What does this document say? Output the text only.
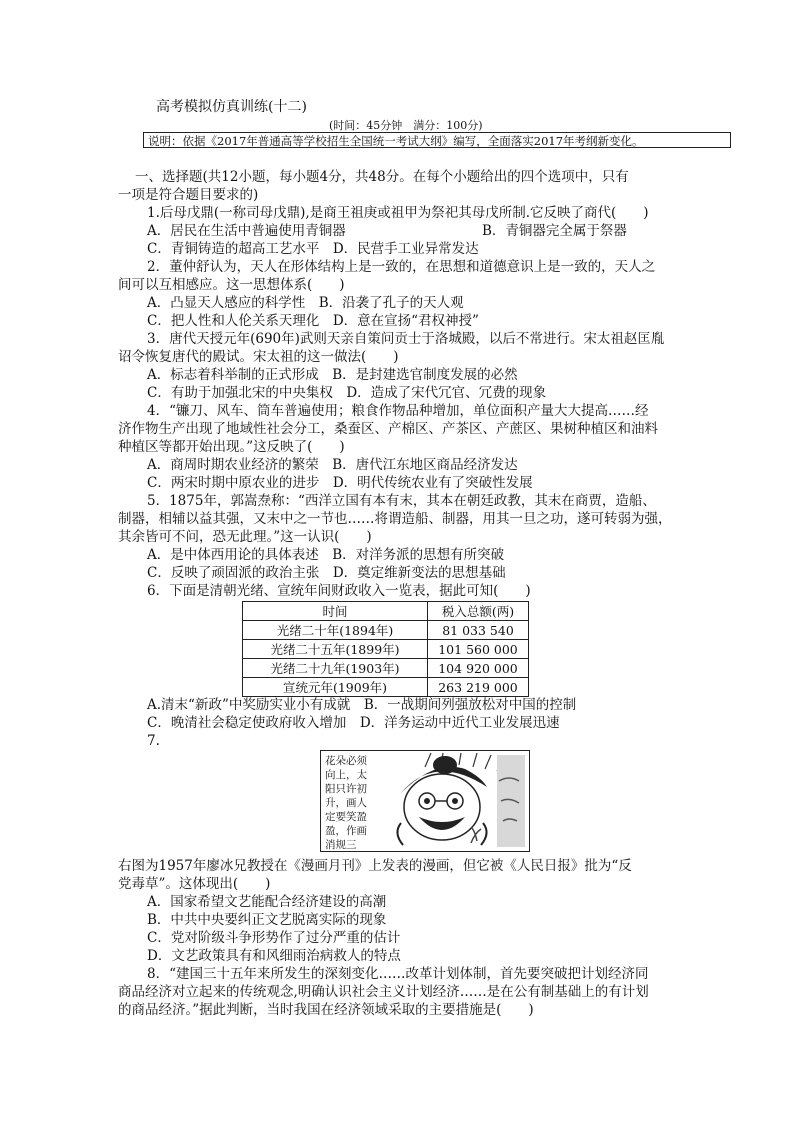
高考模拟仿真训练(十二)
(时间：45分钟　满分：100分)
说明：依据《2017年普通高等学校招生全国统一考试大纲》编写，全面落实2017年考纲新变化。
一、选择题(共12小题，每小题4分，共48分。在每个小题给出的四个选项中，只有
一项是符合题目要求的)
1.后母戊鼎(一称司母戊鼎),是商王祖庚或祖甲为祭祀其母戊所制.它反映了商代(　　)
A．居民在生活中普遍使用青铜器	B．青铜器完全属于祭器
C．青铜铸造的超高工艺水平　D．民营手工业异常发达
2．董仲舒认为，天人在形体结构上是一致的，在思想和道德意识上是一致的，天人之
间可以互相感应。这一思想体系(　　)
A．凸显天人感应的科学性　B．沿袭了孔子的天人观
C．把人性和人伦关系天理化　D．意在宣扬“君权神授”
3．唐代天授元年(690年)武则天亲自策问贡士于洛城殿，以后不常进行。宋太祖赵匡胤
诏令恢复唐代的殿试。宋太祖的这一做法(　　)
A．标志着科举制的正式形成　B．是封建选官制度发展的必然
C．有助于加强北宋的中央集权　D．造成了宋代冗官、冗费的现象
4．“镰刀、风车、筒车普遍使用；粮食作物品种增加，单位面积产量大大提高……经
济作物生产出现了地域性社会分工，桑蚕区、产棉区、产茶区、产蔗区、果树种植区和油料
种植区等都开始出现。”这反映了(　　)
A．商周时期农业经济的繁荣　B．唐代江东地区商品经济发达
C．两宋时期中原农业的进步　D．明代传统农业有了突破性发展
5．1875年，郭嵩焘称：“西洋立国有本有末，其本在朝廷政教，其末在商贾，造船、
制器，相辅以益其强，又末中之一节也……将谓造船、制器，用其一旦之功，遂可转弱为强，
其余皆可不问，恐无此理。”这一认识(　　)
A．是中体西用论的具体表述　B．对洋务派的思想有所突破
C．反映了顽固派的政治主张　D．奠定维新变法的思想基础
6．下面是清朝光绪、宣统年间财政收入一览表，据此可知(　　)
时间	税入总额(两)
光绪二十年(1894年)	81 033 540
光绪二十五年(1899年)	101 560 000
光绪二十九年(1903年)	104 920 000
宣统元年(1909年)	263 219 000
A.清末“新政”中奖励实业小有成就　B．一战期间列强放松对中国的控制
C．晚清社会稳定使政府收入增加　D．洋务运动中近代工业发展迅速
7.
花朵必须向上，太阳只许初升，画人定要笑盈盈，作画消规三
右图为1957年廖冰兄教授在《漫画月刊》上发表的漫画，但它被《人民日报》批为“反
党毒草”。这体现出(　　)
A．国家希望文艺能配合经济建设的高潮
B．中共中央要纠正文艺脱离实际的现象
C．党对阶级斗争形势作了过分严重的估计
D．文艺政策具有和风细雨治病救人的特点
8．“建国三十五年来所发生的深刻变化……改革计划体制，首先要突破把计划经济同
商品经济对立起来的传统观念,明确认识社会主义计划经济……是在公有制基础上的有计划
的商品经济。”据此判断，当时我国在经济领域采取的主要措施是(　　)
